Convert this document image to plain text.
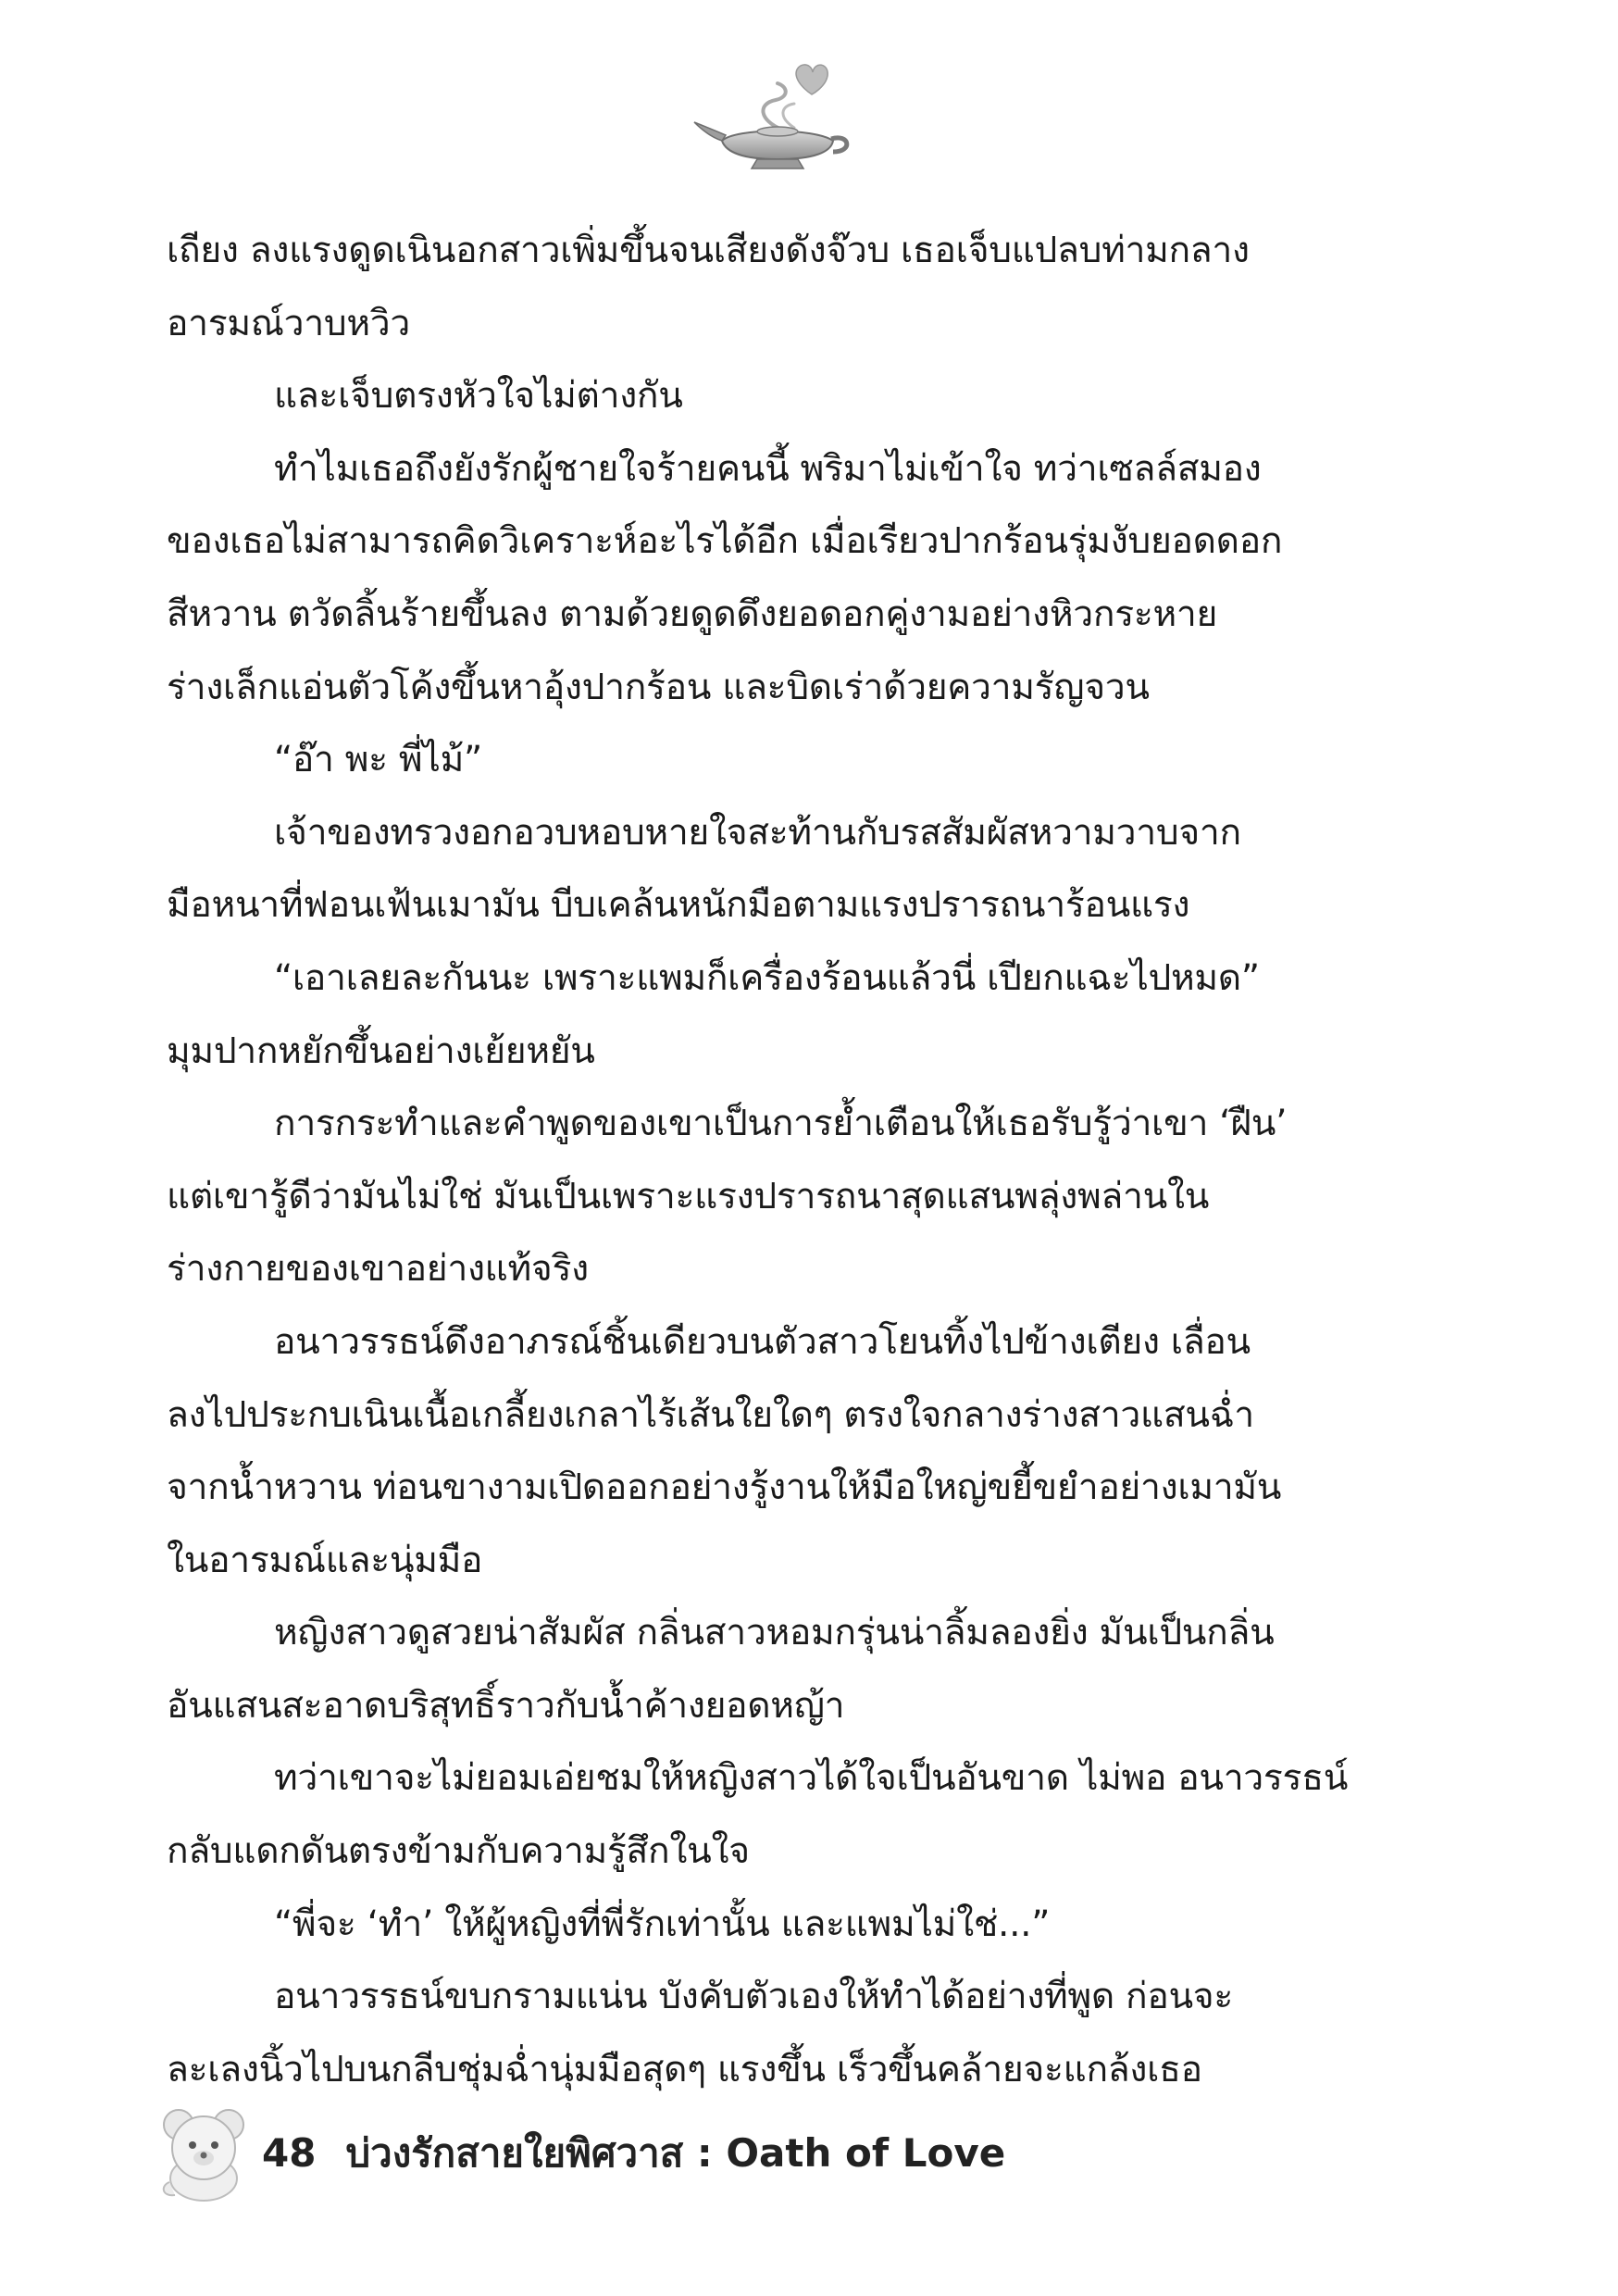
เถียง ลงแรงดูดเนินอกสาวเพิ่มขึ้นจนเสียงดังจ๊วบ เธอเจ็บแปลบท่ามกลาง

อารมณ์วาบหวิว

และเจ็บตรงหัวใจไม่ต่างกัน

ทำไมเธอถึงยังรักผู้ชายใจร้ายคนนี้ พริมาไม่เข้าใจ ทว่าเซลล์สมอง

ของเธอไม่สามารถคิดวิเคราะห์อะไรได้อีก เมื่อเรียวปากร้อนรุ่มงับยอดดอก

สีหวาน ตวัดลิ้นร้ายขึ้นลง ตามด้วยดูดดึงยอดอกคู่งามอย่างหิวกระหาย

ร่างเล็กแอ่นตัวโค้งขึ้นหาอุ้งปากร้อน และบิดเร่าด้วยความรัญจวน

“อ๊า พะ พี่ไม้”

เจ้าของทรวงอกอวบหอบหายใจสะท้านกับรสสัมผัสหวามวาบจาก

มือหนาที่ฟอนเฟ้นเมามัน บีบเคล้นหนักมือตามแรงปรารถนาร้อนแรง

“เอาเลยละกันนะ เพราะแพมก็เครื่องร้อนแล้วนี่ เปียกแฉะไปหมด”

มุมปากหยักขึ้นอย่างเย้ยหยัน

การกระทำและคำพูดของเขาเป็นการย้ำเตือนให้เธอรับรู้ว่าเขา ‘ฝืน’

แต่เขารู้ดีว่ามันไม่ใช่ มันเป็นเพราะแรงปรารถนาสุดแสนพลุ่งพล่านใน

ร่างกายของเขาอย่างแท้จริง

อนาวรรธน์ดึงอาภรณ์ชิ้นเดียวบนตัวสาวโยนทิ้งไปข้างเตียง เลื่อน

ลงไปประกบเนินเนื้อเกลี้ยงเกลาไร้เส้นใยใดๆ ตรงใจกลางร่างสาวแสนฉ่ำ

จากน้ำหวาน ท่อนขางามเปิดออกอย่างรู้งานให้มือใหญ่ขยี้ขยำอย่างเมามัน

ในอารมณ์และนุ่มมือ

หญิงสาวดูสวยน่าสัมผัส กลิ่นสาวหอมกรุ่นน่าลิ้มลองยิ่ง มันเป็นกลิ่น

อันแสนสะอาดบริสุทธิ์ราวกับน้ำค้างยอดหญ้า

ทว่าเขาจะไม่ยอมเอ่ยชมให้หญิงสาวได้ใจเป็นอันขาด ไม่พอ อนาวรรธน์

กลับแดกดันตรงข้ามกับความรู้สึกในใจ

“พี่จะ ‘ทำ’ ให้ผู้หญิงที่พี่รักเท่านั้น และแพมไม่ใช่...”

อนาวรรธน์ขบกรามแน่น บังคับตัวเองให้ทำได้อย่างที่พูด ก่อนจะ

ละเลงนิ้วไปบนกลีบชุ่มฉ่ำนุ่มมือสุดๆ แรงขึ้น เร็วขึ้นคล้ายจะแกล้งเธอ

48 บ่วงรักสายใยพิศวาส : Oath of Love
